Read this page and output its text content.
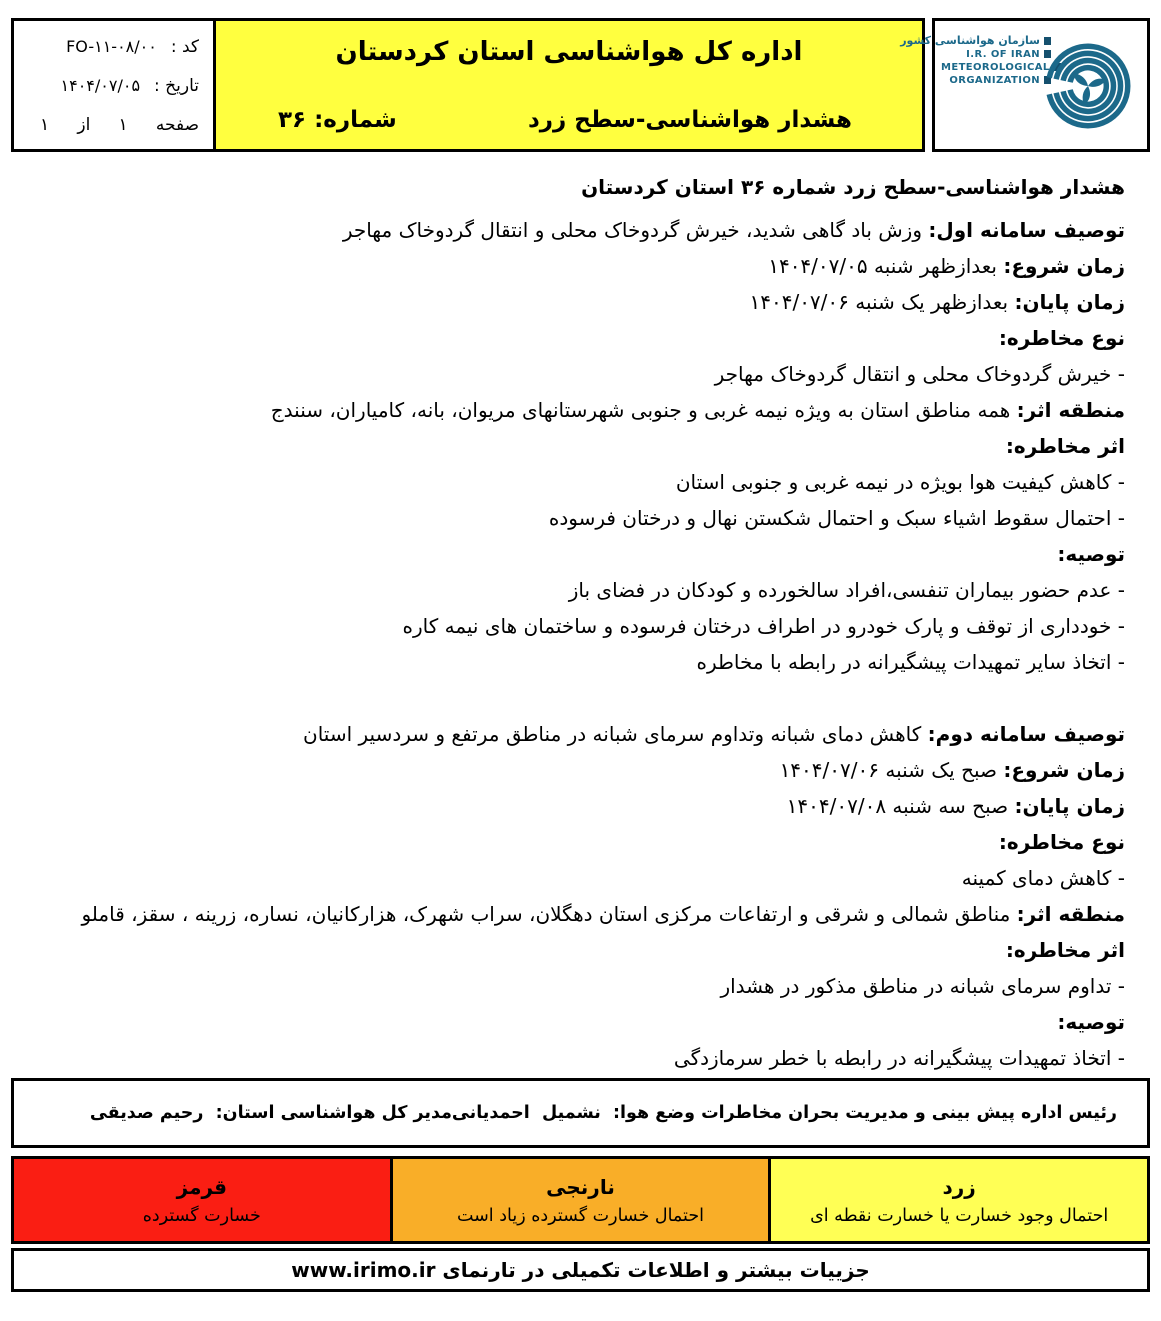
کد :
FO-۱۱-۰۸/۰۰
تاریخ :
۱۴۰۴/۰۷/۰۵
صفحه
۱
از
۱
اداره کل هواشناسی استان کردستان
هشدار هواشناسی-سطح زرد
شماره: ۳۶
سازمان هواشناسی کشور
I.R. OF IRAN
METEOROLOGICAL
ORGANIZATION
هشدار هواشناسی-سطح زرد شماره ۳۶ استان کردستان
توصیف سامانه اول: وزش باد گاهی شدید، خیرش گردوخاک محلی و انتقال گردوخاک مهاجر
زمان شروع: بعدازظهر شنبه ۱۴۰۴/۰۷/۰۵
زمان پایان: بعدازظهر یک شنبه ۱۴۰۴/۰۷/۰۶
نوع مخاطره:
- خیرش گردوخاک محلی و انتقال گردوخاک مهاجر
منطقه اثر: همه مناطق استان به ویژه نیمه غربی و جنوبی شهرستانهای مریوان، بانه، کامیاران، سنندج
اثر مخاطره:
- کاهش کیفیت هوا بویژه در نیمه غربی و جنوبی استان
- احتمال سقوط اشیاء سبک و احتمال شکستن نهال و درختان فرسوده
توصیه:
- عدم حضور بیماران تنفسی،افراد سالخورده و کودکان در فضای باز
- خودداری از توقف و پارک خودرو در اطراف درختان فرسوده و ساختمان های نیمه کاره
- اتخاذ سایر تمهیدات پیشگیرانه در رابطه با مخاطره
توصیف سامانه دوم: کاهش دمای شبانه وتداوم سرمای شبانه در مناطق مرتفع و سردسیر استان
زمان شروع: صبح یک شنبه ۱۴۰۴/۰۷/۰۶
زمان پایان: صبح سه شنبه ۱۴۰۴/۰۷/۰۸
نوع مخاطره:
- کاهش دمای کمینه
منطقه اثر: مناطق شمالی و شرقی و ارتفاعات مرکزی استان دهگلان، سراب شهرک، هزارکانیان، نساره، زرینه ، سقز، قاملو
اثر مخاطره:
- تداوم سرمای شبانه در مناطق مذکور در هشدار
توصیه:
- اتخاذ تمهیدات پیشگیرانه در رابطه با خطر سرمازدگی
رئیس اداره پیش بینی و مدیریت بحران مخاطرات وضع هوا:  نشمیل  احمدیانی
مدیر کل هواشناسی استان:  رحیم صدیقی
زرد
احتمال وجود خسارت یا خسارت نقطه ای
نارنجی
احتمال خسارت گسترده زیاد است
قرمز
خسارت گسترده
جزییات بیشتر و اطلاعات تکمیلی در تارنمای www.irimo.ir
